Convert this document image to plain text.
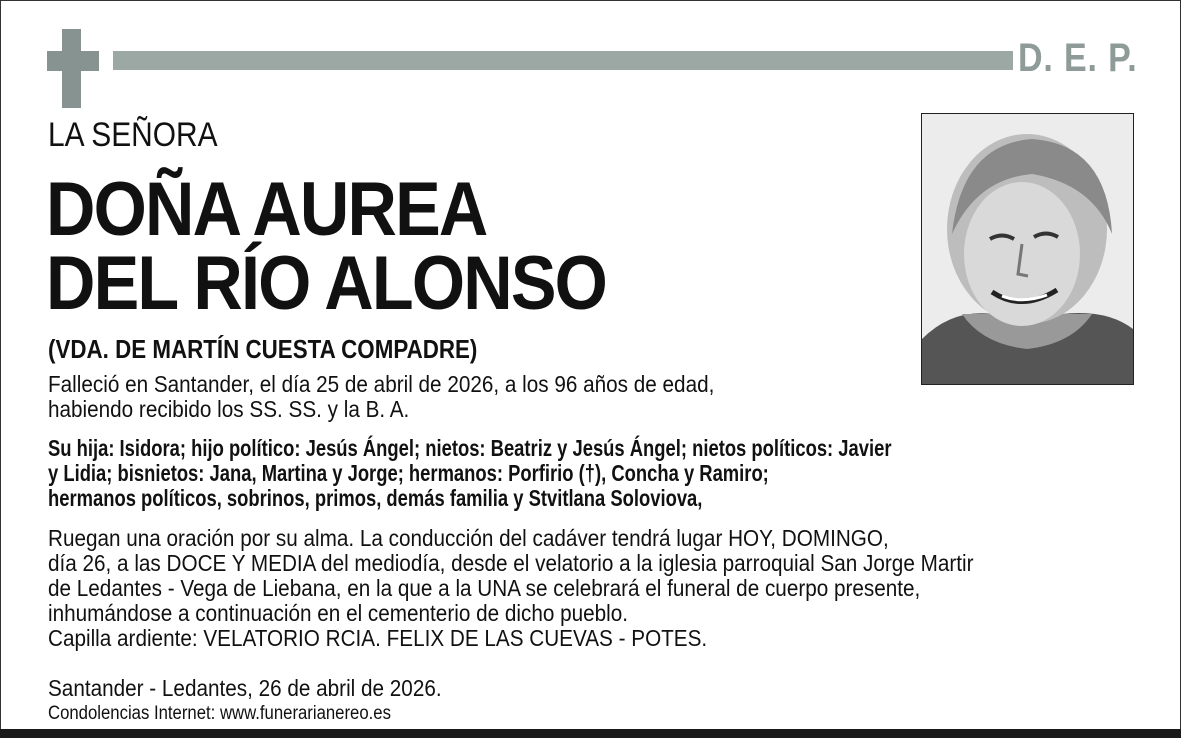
D. E. P.
LA SEÑORA
DOÑA AUREA
DEL RÍO ALONSO
(VDA. DE MARTÍN CUESTA COMPADRE)
Falleció en Santander, el día 25 de abril de 2026, a los 96 años de edad,
habiendo recibido los SS. SS. y la B. A.
Su hija: Isidora; hijo político: Jesús Ángel; nietos: Beatriz y Jesús Ángel; nietos políticos: Javier
y Lidia; bisnietos: Jana, Martina y Jorge; hermanos: Porfirio (†), Concha y Ramiro;
hermanos políticos, sobrinos, primos, demás familia y Stvitlana Soloviova,
Ruegan una oración por su alma. La conducción del cadáver tendrá lugar HOY, DOMINGO,
día 26, a las DOCE Y MEDIA del mediodía, desde el velatorio a la iglesia parroquial San Jorge Martir
de Ledantes - Vega de Liebana, en la que a la UNA se celebrará el funeral de cuerpo presente,
inhumándose a continuación en el cementerio de dicho pueblo.
Capilla ardiente: VELATORIO RCIA. FELIX DE LAS CUEVAS - POTES.
Santander - Ledantes, 26 de abril de 2026.
Condolencias Internet: www.funerarianereo.es
